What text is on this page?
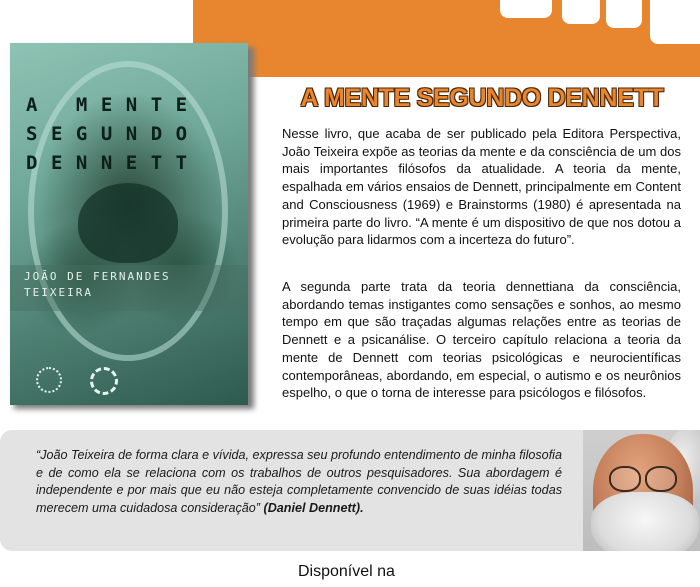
A MENTE
SEGUNDO
DENNETT
JOÃO DE FERNANDES
TEIXEIRA
A MENTE SEGUNDO DENNETT

Nesse livro, que acaba de ser publicado pela Editora Perspectiva, João Teixeira expõe as teorias da mente e da consciência de um dos mais importantes filósofos da atualidade. A teoria da mente, espalhada em vários ensaios de Dennett, principalmente em Content and Consciousness (1969) e Brainstorms (1980) é apresentada na primeira parte do livro. “A mente é um dispositivo de que nos dotou a evolução para lidarmos com a incerteza do futuro”.

A segunda parte trata da teoria dennettiana da consciência, abordando temas instigantes como sensações e sonhos, ao mesmo tempo em que são traçadas algumas relações entre as teorias de Dennett e a psicanálise. O terceiro capítulo relaciona a teoria da mente de Dennett com teorias psicológicas e neurocientíficas contemporâneas, abordando, em especial, o autismo e os neurônios espelho, o que o torna de interesse para psicólogos e filósofos.

“João Teixeira de forma clara e vívida, expressa seu profundo entendimento de minha filosofia e de como ela se relaciona com os trabalhos de outros pesquisadores. Sua abordagem é independente e por mais que eu não esteja completamente convencido de suas idéias todas merecem uma cuidadosa consideração” (Daniel Dennett).

Disponível na
